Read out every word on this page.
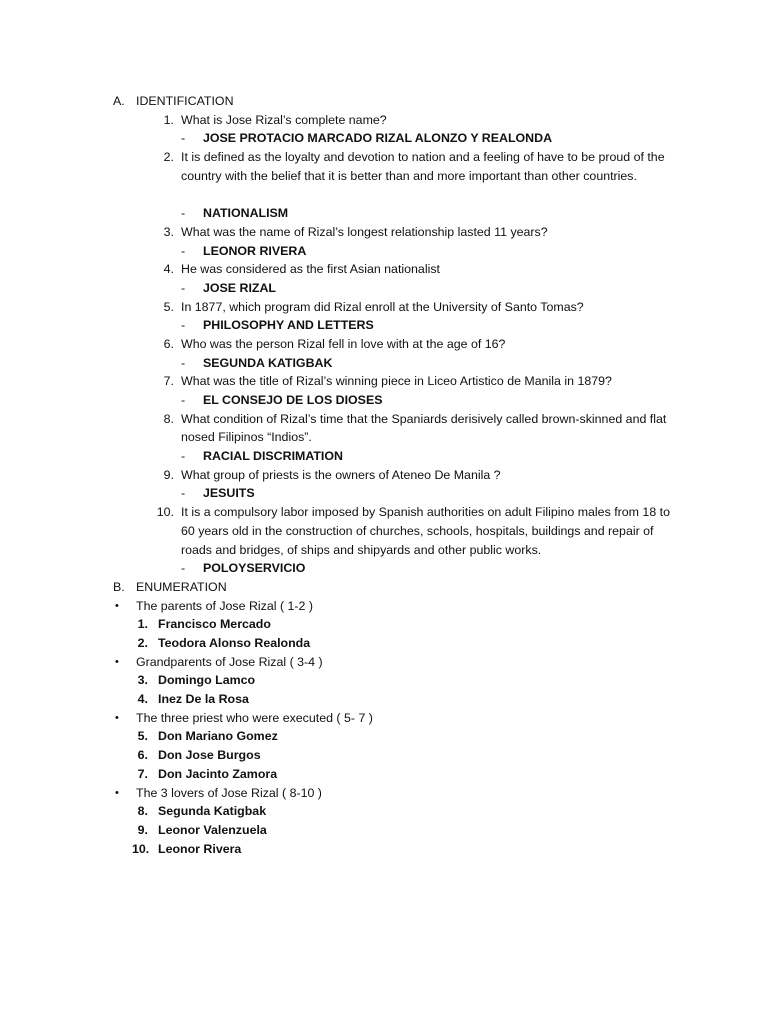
A. IDENTIFICATION
1. What is Jose Rizal’s complete name?
- JOSE PROTACIO MARCADO RIZAL ALONZO Y REALONDA
2. It is defined as the loyalty and devotion to nation and a feeling of have to be proud of the country with the belief that it is better than and more important than other countries.
- NATIONALISM
3. What was the name of Rizal’s longest relationship lasted 11 years?
- LEONOR RIVERA
4. He was considered as the first Asian nationalist
- JOSE RIZAL
5. In 1877, which program did Rizal enroll at the University of Santo Tomas?
- PHILOSOPHY AND LETTERS
6. Who was the person Rizal fell in love with at the age of 16?
- SEGUNDA KATIGBAK
7. What was the title of Rizal’s winning piece in Liceo Artistico de Manila in 1879?
- EL CONSEJO DE LOS DIOSES
8. What condition of Rizal’s time that the Spaniards derisively called brown-skinned and flat nosed Filipinos “Indios”.
- RACIAL DISCRIMATION
9. What group of priests is the owners of Ateneo De Manila ?
- JESUITS
10. It is a compulsory labor imposed by Spanish authorities on adult Filipino males from 18 to 60 years old in the construction of churches, schools, hospitals, buildings and repair of roads and bridges, of ships and shipyards and other public works.
- POLOYSERVICIO
B. ENUMERATION
• The parents of Jose Rizal ( 1-2 )
1. Francisco Mercado
2. Teodora Alonso Realonda
• Grandparents of Jose Rizal ( 3-4 )
3. Domingo Lamco
4. Inez De la Rosa
• The three priest who were executed ( 5- 7 )
5. Don Mariano Gomez
6. Don Jose Burgos
7. Don Jacinto Zamora
• The 3 lovers of Jose Rizal ( 8-10 )
8. Segunda Katigbak
9. Leonor Valenzuela
10. Leonor Rivera
